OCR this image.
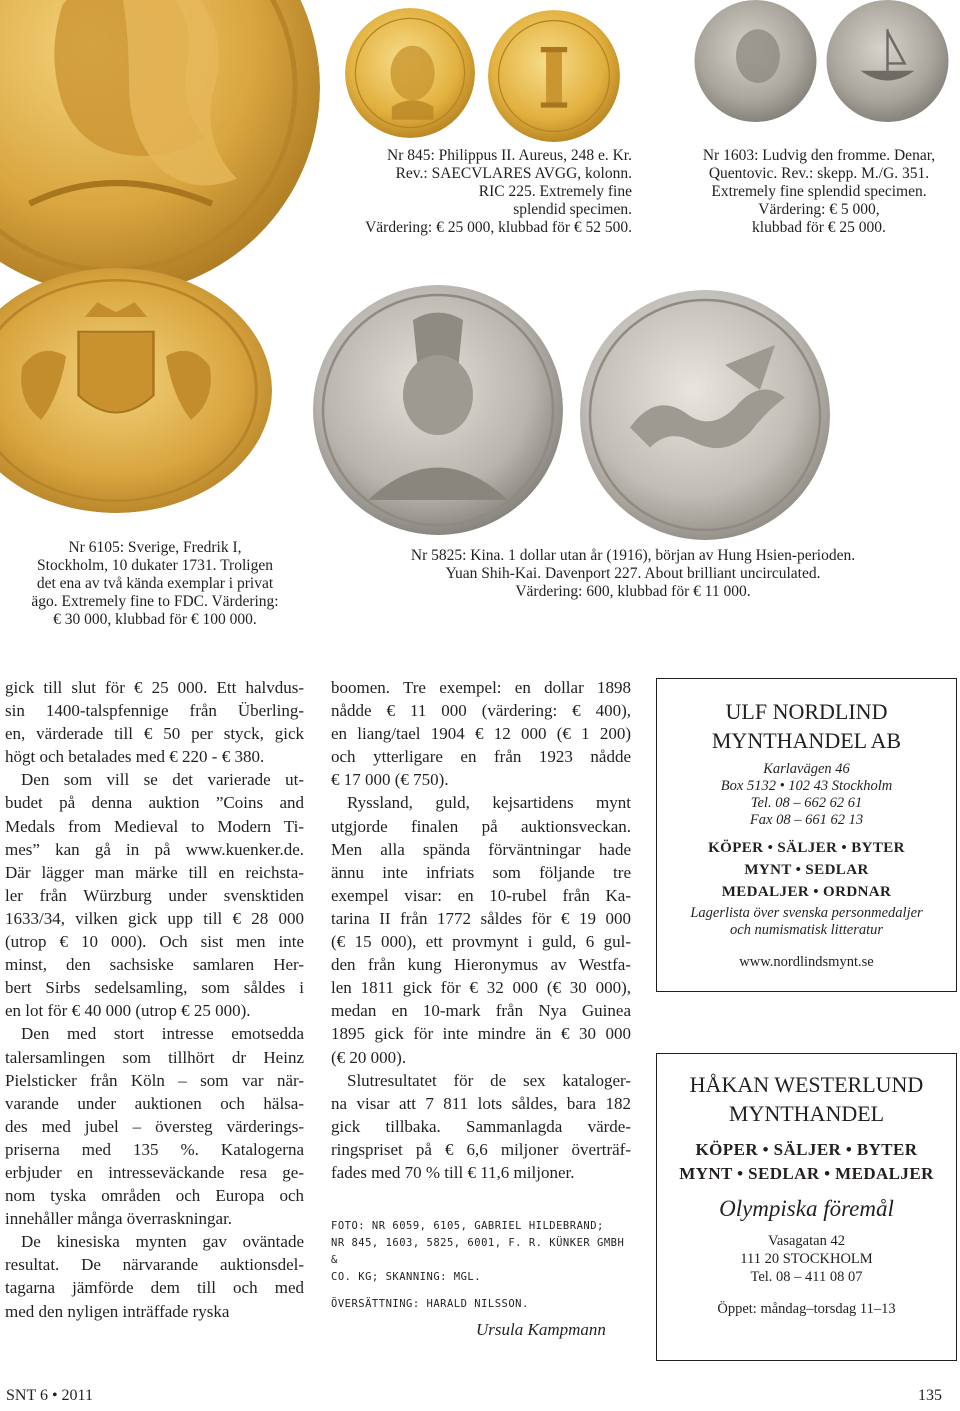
Nr 845: Philippus II. Aureus, 248 e. Kr.
Rev.: SAECVLARES AVGG, kolonn.
RIC 225. Extremely fine
splendid specimen.
Värdering: € 25 000, klubbad för € 52 500.
Nr 1603: Ludvig den fromme. Denar,
Quentovic. Rev.: skepp. M./G. 351.
Extremely fine splendid specimen.
Värdering: € 5 000,
klubbad för € 25 000.
Nr 6105: Sverige, Fredrik I,
Stockholm, 10 dukater 1731. Troligen
det ena av två kända exemplar i privat
ägo. Extremely fine to FDC. Värdering:
€ 30 000, klubbad för € 100 000.
Nr 5825: Kina. 1 dollar utan år (1916), början av Hung Hsien-perioden.
Yuan Shih-Kai. Davenport 227. About brilliant uncirculated.
Värdering: 600, klubbad för € 11 000.

gick till slut för € 25 000. Ett halvdus-
sin 1400-talspfennige från Überling-
en, värderade till € 50 per styck, gick
högt och betalades med € 220 - € 380.

Den som vill se det varierade ut-
budet på denna auktion ”Coins and
Medals from Medieval to Modern Ti-
mes” kan gå in på www.kuenker.de.
Där lägger man märke till en reichsta-
ler från Würzburg under svensktiden
1633/34, vilken gick upp till € 28 000
(utrop € 10 000). Och sist men inte
minst, den sachsiske samlaren Her-
bert Sirbs sedelsamling, som såldes i
en lot för € 40 000 (utrop € 25 000).

Den med stort intresse emotsedda
talersamlingen som tillhört dr Heinz
Pielsticker från Köln – som var när-
varande under auktionen och hälsa-
des med jubel – översteg värderings-
priserna med 135 %. Katalogerna
erbjuder en intresseväckande resa ge-
nom tyska områden och Europa och
innehåller många överraskningar.

De kinesiska mynten gav oväntade
resultat. De närvarande auktionsdel-
tagarna jämförde dem till och med
med den nyligen inträffade ryska

boomen. Tre exempel: en dollar 1898
nådde € 11 000 (värdering: € 400),
en liang/tael 1904 € 12 000 (€ 1 200)
och ytterligare en från 1923 nådde
€ 17 000 (€ 750).

Ryssland, guld, kejsartidens mynt
utgjorde finalen på auktionsveckan.
Men alla spända förväntningar hade
ännu inte infriats som följande tre
exempel visar: en 10-rubel från Ka-
tarina II från 1772 såldes för € 19 000
(€ 15 000), ett provmynt i guld, 6 gul-
den från kung Hieronymus av Westfa-
len 1811 gick för € 32 000 (€ 30 000),
medan en 10-mark från Nya Guinea
1895 gick för inte mindre än € 30 000
(€ 20 000).

Slutresultatet för de sex kataloger-
na visar att 7 811 lots såldes, bara 182
gick tillbaka. Sammanlagda värde-
ringspriset på € 6,6 miljoner överträf-
fades med 70 % till € 11,6 miljoner.

FOTO: NR 6059, 6105, GABRIEL HILDEBRAND;
NR 845, 1603, 5825, 6001, F. R. KÜNKER GMBH &
CO. KG; SKANNING: MGL.
ÖVERSÄTTNING: HARALD NILSSON.
Ursula Kampmann
ULF NORDLIND
MYNTHANDEL AB
Karlavägen 46
Box 5132 • 102 43 Stockholm
Tel. 08 – 662 62 61
Fax 08 – 661 62 13
KÖPER • SÄLJER • BYTER
MYNT • SEDLAR
MEDALJER • ORDNAR
Lagerlista över svenska personmedaljer
och numismatisk litteratur
www.nordlindsmynt.se
HÅKAN WESTERLUND
MYNTHANDEL
KÖPER • SÄLJER • BYTER
MYNT • SEDLAR • MEDALJER
Olympiska föremål
Vasagatan 42
111 20 STOCKHOLM
Tel. 08 – 411 08 07
Öppet: måndag–torsdag 11–13
SNT 6 • 2011	135
